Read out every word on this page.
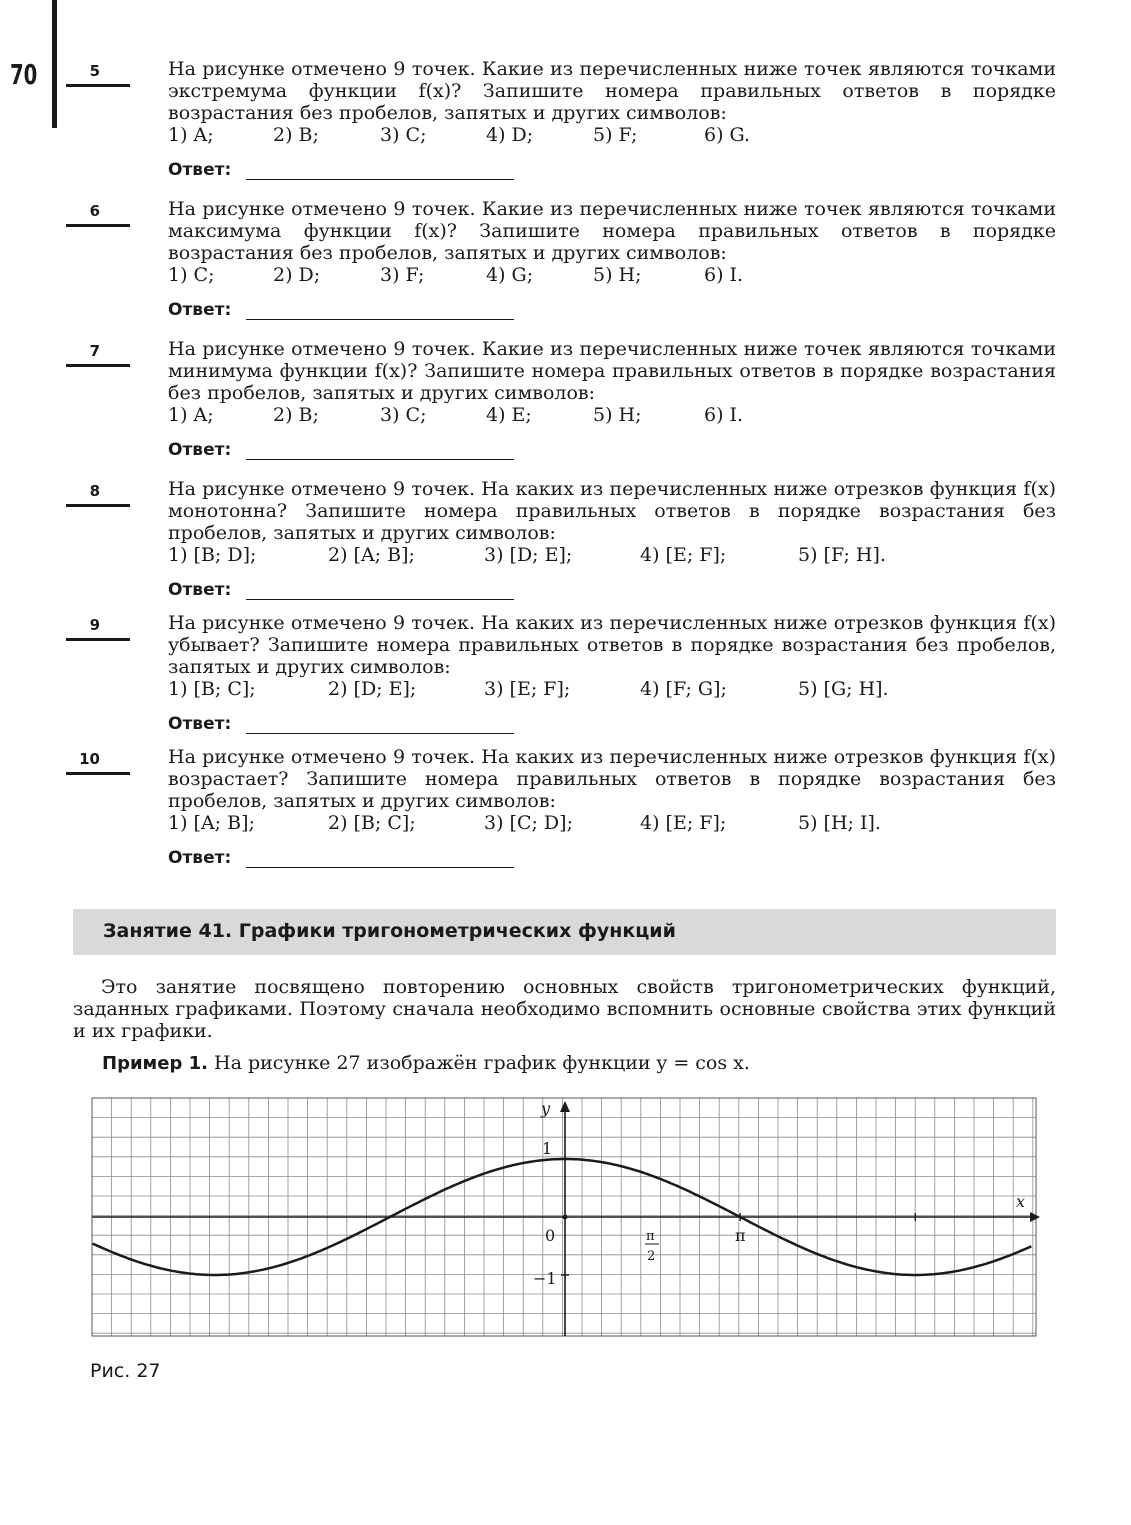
70	5	На рисунке отмечено 9 точек. Какие из перечисленных ниже точек являются точками экстремума функции f(x)? Запишите номера правильных ответов в порядке возрастания без пробелов, запятых и других символов:
1) A;	2) B;	3) C;	4) D;	5) F;	6) G.
Ответ:
6	На рисунке отмечено 9 точек. Какие из перечисленных ниже точек являются точками максимума функции f(x)? Запишите номера правильных ответов в порядке возрастания без пробелов, запятых и других символов:
1) C;	2) D;	3) F;	4) G;	5) H;	6) I.
Ответ:
7	На рисунке отмечено 9 точек. Какие из перечисленных ниже точек являются точками минимума функции f(x)? Запишите номера правильных ответов в порядке возрастания без пробелов, запятых и других символов:
1) A;	2) B;	3) C;	4) E;	5) H;	6) I.
Ответ:
8	На рисунке отмечено 9 точек. На каких из перечисленных ниже отрезков функция f(x) монотонна? Запишите номера правильных ответов в порядке возрастания без пробелов, запятых и других символов:
1) [B; D];	2) [A; B];	3) [D; E];	4) [E; F];	5) [F; H].
Ответ:
9	На рисунке отмечено 9 точек. На каких из перечисленных ниже отрезков функция f(x) убывает? Запишите номера правильных ответов в порядке возрастания без пробелов, запятых и других символов:
1) [B; C];	2) [D; E];	3) [E; F];	4) [F; G];	5) [G; H].
Ответ:
10	На рисунке отмечено 9 точек. На каких из перечисленных ниже отрезков функция f(x) возрастает? Запишите номера правильных ответов в порядке возрастания без пробелов, запятых и других символов:
1) [A; B];	2) [B; C];	3) [C; D];	4) [E; F];	5) [H; I].
Ответ:
Занятие 41. Графики тригонометрических функций
Это занятие посвящено повторению основных свойств тригонометрических функций, заданных графиками. Поэтому сначала необходимо вспомнить основные свойства этих функций и их графики.
Пример 1. На рисунке 27 изображён график функции y = cos x.
y
x
1
0
−1
π
π
2
Рис. 27
